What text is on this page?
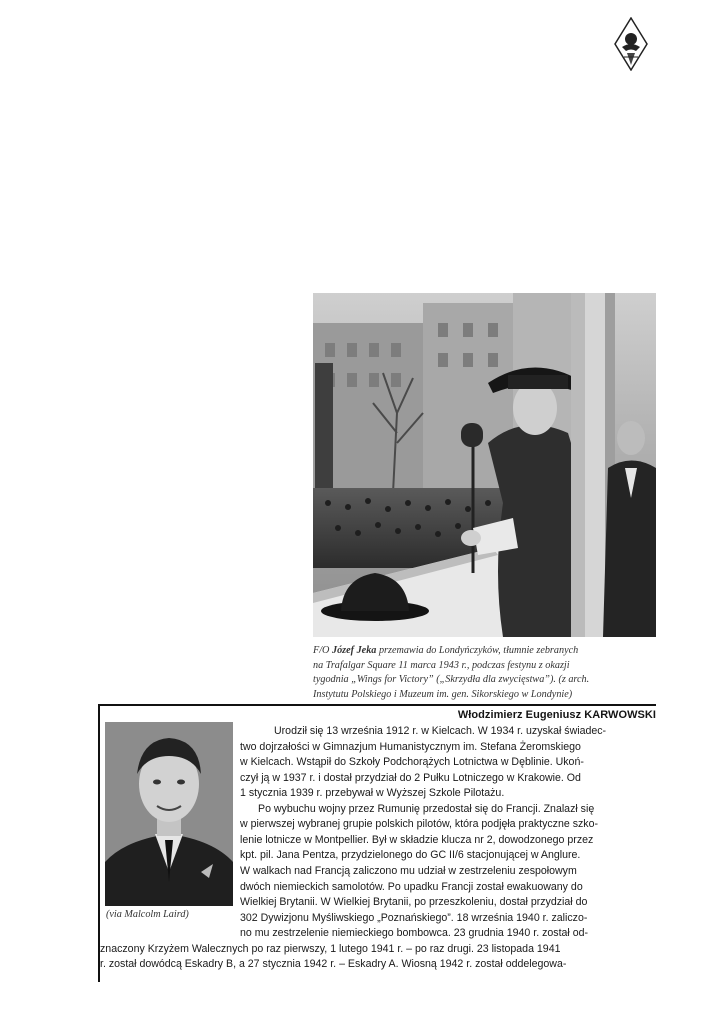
F/O Józef Jeka przemawia do Londyńczyków, tłumnie zebranych
na Trafalgar Square 11 marca 1943 r., podczas festynu z okazji
tygodnia „Wings for Victory” („Skrzydła dla zwycięstwa”). (z arch.
Instytutu Polskiego i Muzeum im. gen. Sikorskiego w Londynie)
(via Malcolm Laird)
Włodzimierz Eugeniusz KARWOWSKI
Urodził się 13 września 1912 r. w Kielcach. W 1934 r. uzyskał świadec-
two dojrzałości w Gimnazjum Humanistycznym im. Stefana Żeromskiego
w Kielcach. Wstąpił do Szkoły Podchorążych Lotnictwa w Dęblinie. Ukoń-
czył ją w 1937 r. i dostał przydział do 2 Pułku Lotniczego w Krakowie. Od
1 stycznia 1939 r. przebywał w Wyższej Szkole Pilotażu.
Po wybuchu wojny przez Rumunię przedostał się do Francji. Znalazł się
w pierwszej wybranej grupie polskich pilotów, która podjęła praktyczne szko-
lenie lotnicze w Montpellier. Był w składzie klucza nr 2, dowodzonego przez
kpt. pil. Jana Pentza, przydzielonego do GC II/6 stacjonującej w Anglure.
W walkach nad Francją zaliczono mu udział w zestrzeleniu zespołowym
dwóch niemieckich samolotów. Po upadku Francji został ewakuowany do
Wielkiej Brytanii. W Wielkiej Brytanii, po przeszkoleniu, dostał przydział do
302 Dywizjonu Myśliwskiego „Poznańskiego”. 18 września 1940 r. zaliczo-
no mu zestrzelenie niemieckiego bombowca. 23 grudnia 1940 r. został od-
znaczony Krzyżem Walecznych po raz pierwszy, 1 lutego 1941 r. – po raz drugi. 23 listopada 1941
r. został dowódcą Eskadry B, a 27 stycznia 1942 r. – Eskadry A. Wiosną 1942 r. został oddelegowa-
